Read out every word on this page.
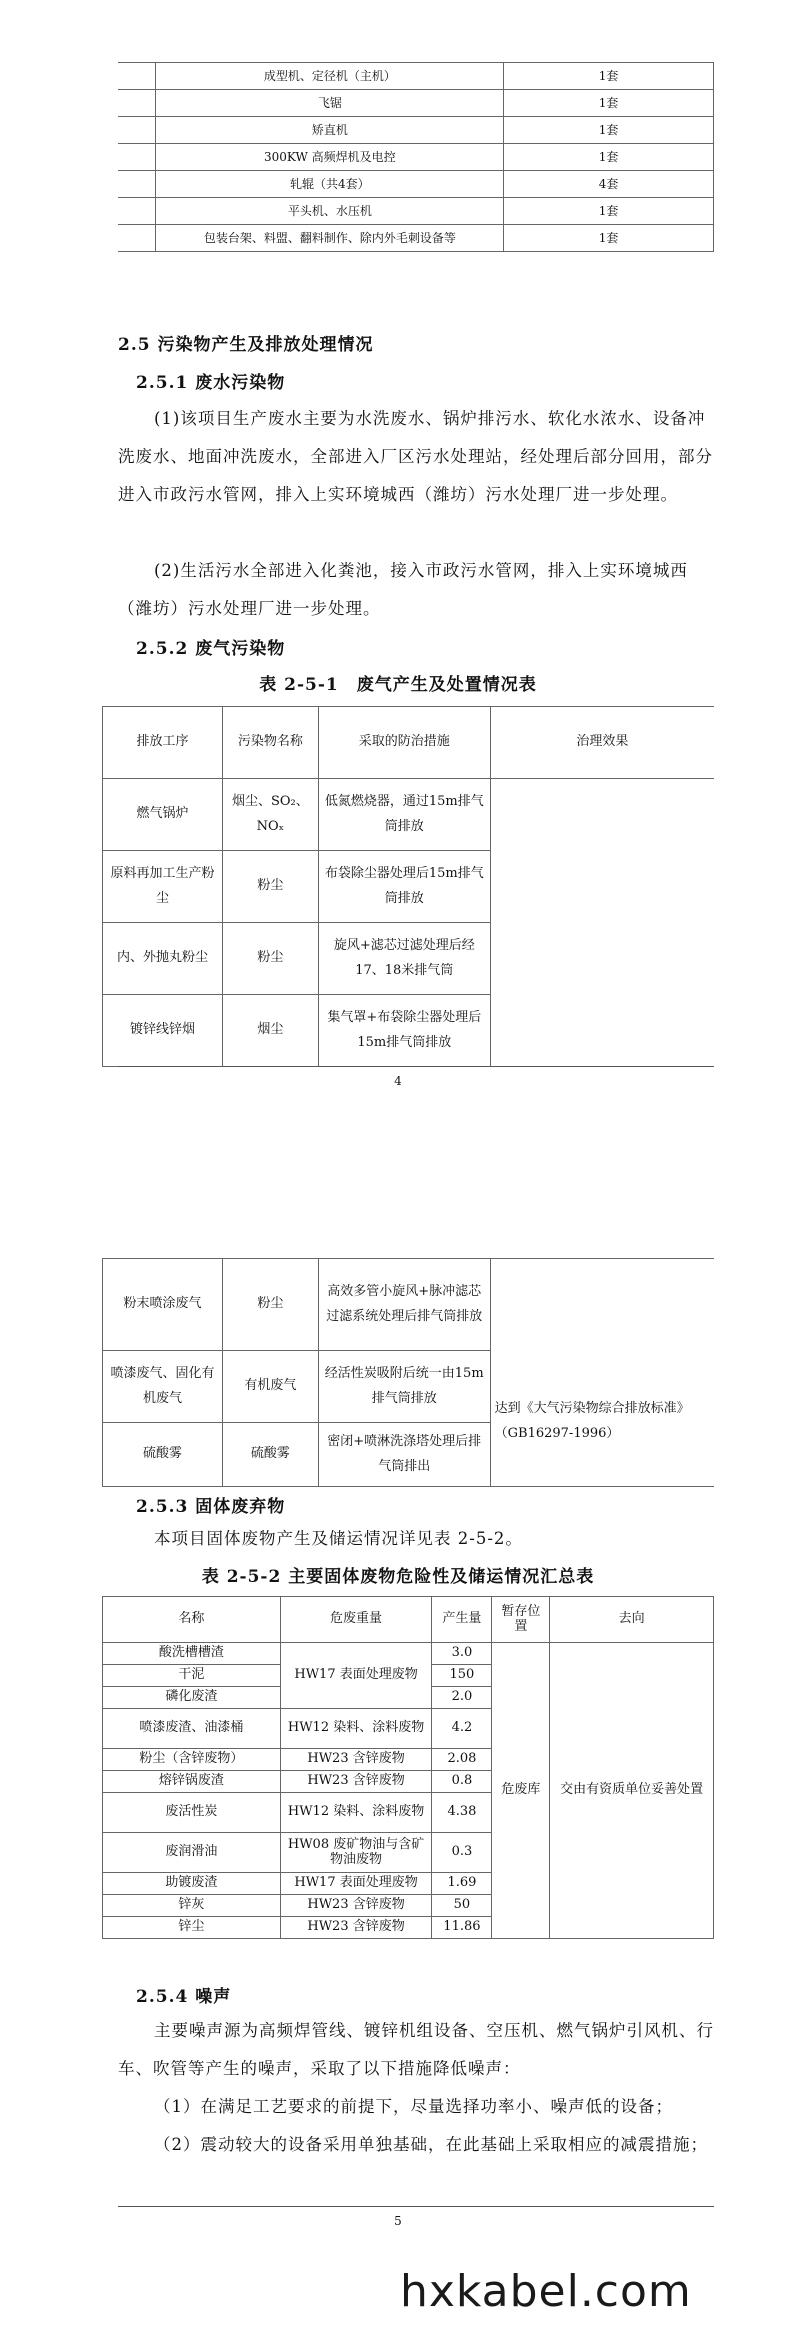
	成型机、定径机（主机）	1套
	飞锯	1套
	矫直机	1套
	300KW 高频焊机及电控	1套
	轧辊（共4套）	4套
	平头机、水压机	1套
	包装台架、料盟、翻料制作、除内外毛刺设备等	1套
2.5 污染物产生及排放处理情况
2.5.1 废水污染物
(1)该项目生产废水主要为水洗废水、锅炉排污水、软化水浓水、设备冲洗废水、地面冲洗废水，全部进入厂区污水处理站，经处理后部分回用，部分进入市政污水管网，排入上实环境城西（潍坊）污水处理厂进一步处理。
(2)生活污水全部进入化粪池，接入市政污水管网，排入上实环境城西（潍坊）污水处理厂进一步处理。
2.5.2 废气污染物
表 2-5-1　废气产生及处置情况表
排放工序	污染物名称	采取的防治措施	治理效果
燃气锅炉	烟尘、SO₂、NOₓ	低氮燃烧器，通过15m排气筒排放	
原料再加工生产粉尘	粉尘	布袋除尘器处理后15m排气筒排放	
内、外抛丸粉尘	粉尘	旋风+滤芯过滤处理后经17、18米排气筒	
镀锌线锌烟	烟尘	集气罩+布袋除尘器处理后15m排气筒排放	
4
粉末喷涂废气	粉尘	高效多管小旋风+脉冲滤芯过滤系统处理后排气筒排放	达到《大气污染物综合排放标准》（GB16297-1996）
喷漆废气、固化有机废气	有机废气	经活性炭吸附后统一由15m排气筒排放	
硫酸雾	硫酸雾	密闭+喷淋洗涤塔处理后排气筒排出	
2.5.3 固体废弃物
本项目固体废物产生及储运情况详见表 2-5-2。
表 2-5-2 主要固体废物危险性及储运情况汇总表
名称	危废重量	产生量	暂存位置	去向
酸洗槽槽渣	HW17 表面处理废物	3.0	危废库	交由有资质单位妥善处置
干泥		150		
磷化废渣		2.0		
喷漆废渣、油漆桶	HW12 染料、涂料废物	4.2		
粉尘（含锌废物）	HW23 含锌废物	2.08		
熔锌锅废渣	HW23 含锌废物	0.8		
废活性炭	HW12 染料、涂料废物	4.38		
废润滑油	HW08 废矿物油与含矿物油废物	0.3		
助镀废渣	HW17 表面处理废物	1.69		
锌灰	HW23 含锌废物	50		
锌尘	HW23 含锌废物	11.86		
2.5.4 噪声
主要噪声源为高频焊管线、镀锌机组设备、空压机、燃气锅炉引风机、行车、吹管等产生的噪声，采取了以下措施降低噪声：
（1）在满足工艺要求的前提下，尽量选择功率小、噪声低的设备；
（2）震动较大的设备采用单独基础，在此基础上采取相应的减震措施；
5
hxkabel.com
